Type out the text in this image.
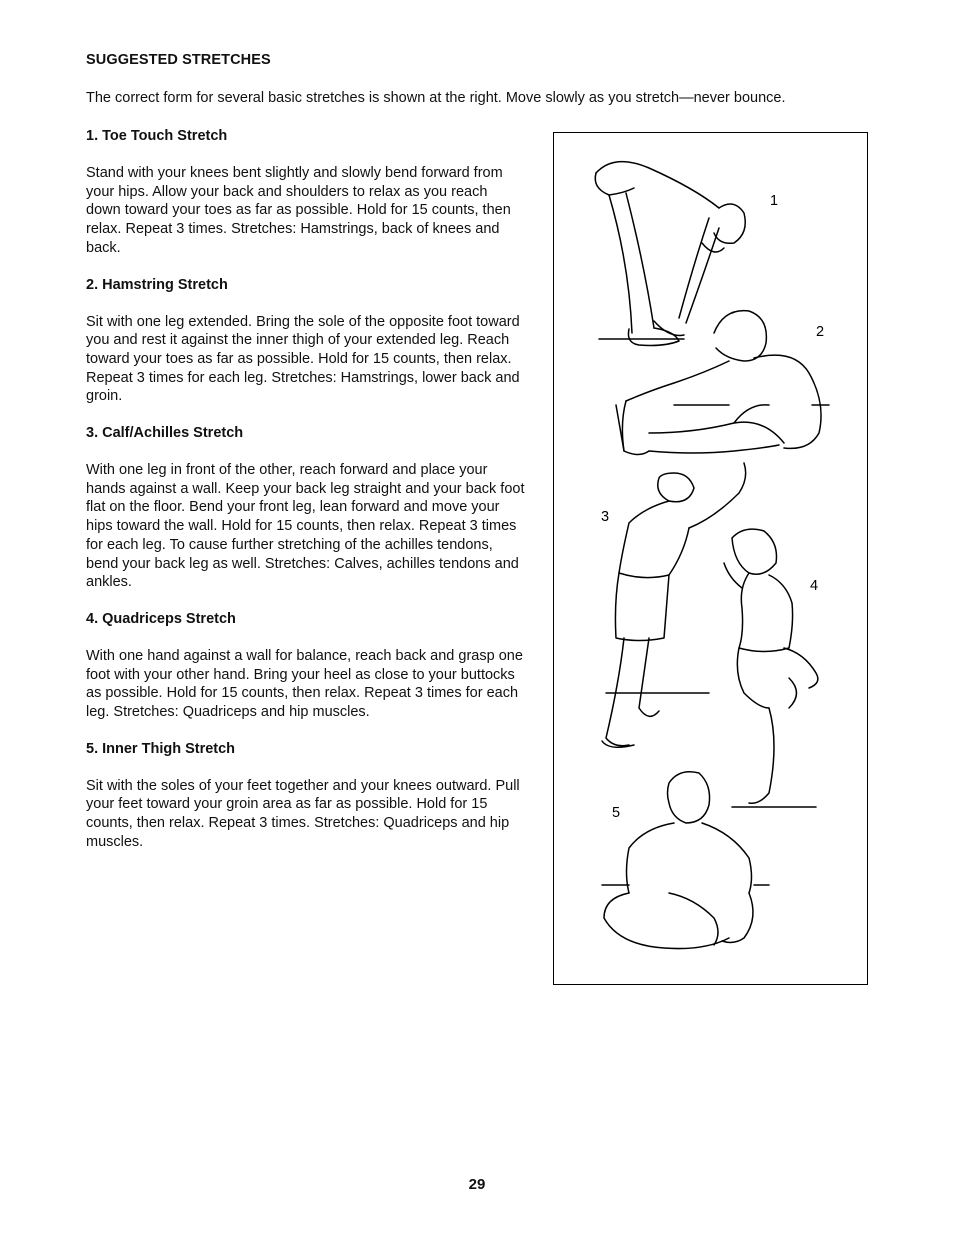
SUGGESTED STRETCHES

The correct form for several basic stretches is shown at the right. Move slowly as you stretch—never bounce.

1. Toe Touch Stretch

Stand with your knees bent slightly and slowly bend forward from your hips. Allow your back and shoulders to relax as you reach down toward your toes as far as possible. Hold for 15 counts, then relax. Repeat 3 times. Stretches: Hamstrings, back of knees and back.

2. Hamstring Stretch

Sit with one leg extended. Bring the sole of the opposite foot toward you and rest it against the inner thigh of your extended leg. Reach toward your toes as far as possible. Hold for 15 counts, then relax. Repeat 3 times for each leg. Stretches: Hamstrings, lower back and groin.

3. Calf/Achilles Stretch

With one leg in front of the other, reach forward and place your hands against a wall. Keep your back leg straight and your back foot flat on the floor. Bend your front leg, lean forward and move your hips toward the wall. Hold for 15 counts, then relax. Repeat 3 times for each leg. To cause further stretching of the achilles tendons, bend your back leg as well. Stretches: Calves, achilles tendons and ankles.

4. Quadriceps Stretch

With one hand against a wall for balance, reach back and grasp one foot with your other hand. Bring your heel as close to your buttocks as possible. Hold for 15 counts, then relax. Repeat 3 times for each leg. Stretches: Quadriceps and hip muscles.

5. Inner Thigh Stretch

Sit with the soles of your feet together and your knees outward. Pull your feet toward your groin area as far as possible. Hold for 15 counts, then relax. Repeat 3 times. Stretches: Quadriceps and hip muscles.

1
2
3
4
5

29
